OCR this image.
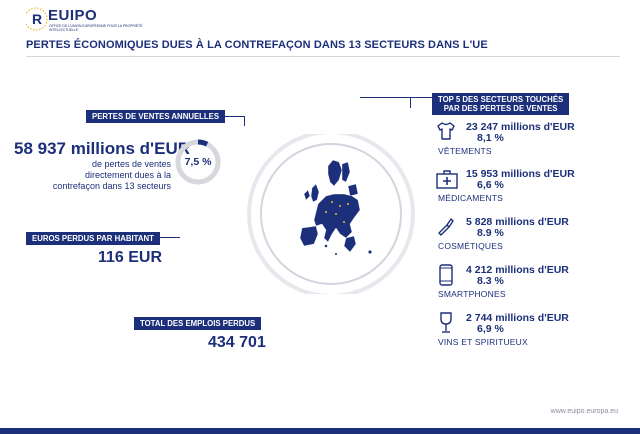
R EUIPO
OFFICE DE L'UNION EUROPÉENNE POUR LA PROPRIÉTÉ INTELLECTUELLE
PERTES ÉCONOMIQUES DUES À LA CONTREFAÇON DANS 13 SECTEURS DANS L'UE
PERTES DE VENTES ANNUELLES
58 937 millions d'EUR
de pertes de ventes
directement dues à la
contrefaçon dans 13 secteurs
7,5 %
EUROS PERDUS PAR HABITANT
116 EUR
TOTAL DES EMPLOIS PERDUS
434 701
TOP 5 DES SECTEURS TOUCHÉS
PAR DES PERTES DE VENTES
23 247 millions d'EUR
8,1 %
VÊTEMENTS
15 953 millions d'EUR
6,6 %
MÉDICAMENTS
5 828 millions d'EUR
8.9 %
COSMÉTIQUES
4 212 millions d'EUR
8.3 %
SMARTPHONES
2 744 millions d'EUR
6,9 %
VINS ET SPIRITUEUX
www.euipo.europa.eu
